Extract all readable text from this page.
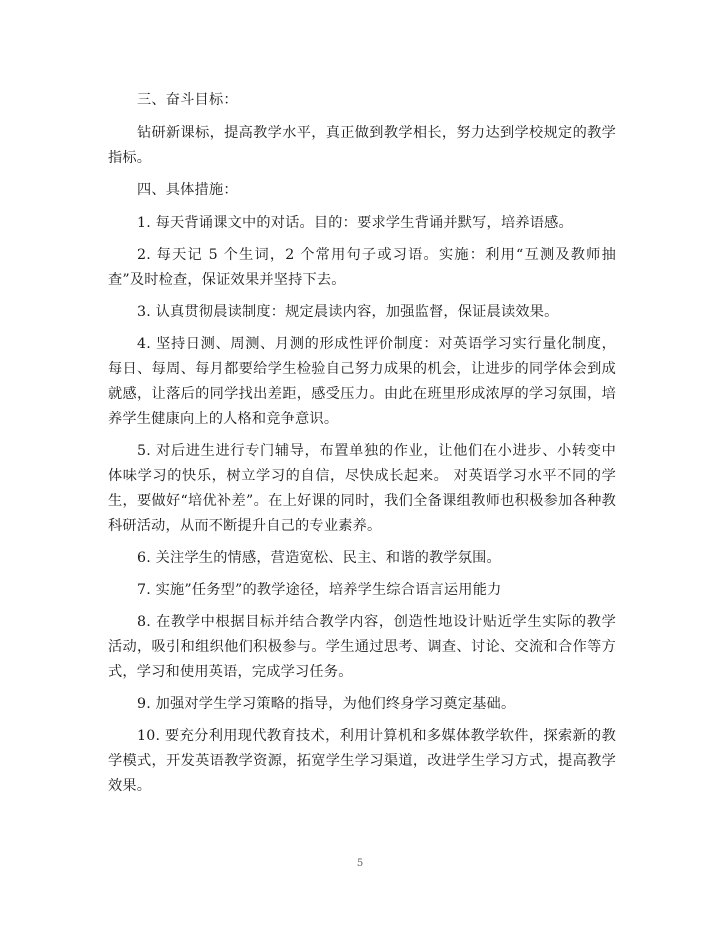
三、奋斗目标：

钻研新课标，提高教学水平，真正做到教学相长，努力达到学校规定的教学指标。

四、具体措施：

1. 每天背诵课文中的对话。目的：要求学生背诵并默写，培养语感。

2. 每天记 5 个生词，2 个常用句子或习语。实施：利用“互测及教师抽查”及时检查，保证效果并坚持下去。

3. 认真贯彻晨读制度：规定晨读内容，加强监督，保证晨读效果。

4. 坚持日测、周测、月测的形成性评价制度：对英语学习实行量化制度，每日、每周、每月都要给学生检验自己努力成果的机会，让进步的同学体会到成就感，让落后的同学找出差距，感受压力。由此在班里形成浓厚的学习氛围，培养学生健康向上的人格和竞争意识。

5. 对后进生进行专门辅导，布置单独的作业，让他们在小进步、小转变中体味学习的快乐，树立学习的自信，尽快成长起来。 对英语学习水平不同的学生，要做好“培优补差”。在上好课的同时，我们全备课组教师也积极参加各种教科研活动，从而不断提升自己的专业素养。

6. 关注学生的情感，营造宽松、民主、和谐的教学氛围。

7. 实施”任务型”的教学途径，培养学生综合语言运用能力

8. 在教学中根据目标并结合教学内容，创造性地设计贴近学生实际的教学活动，吸引和组织他们积极参与。学生通过思考、调查、讨论、交流和合作等方式，学习和使用英语，完成学习任务。

9. 加强对学生学习策略的指导，为他们终身学习奠定基础。

10. 要充分利用现代教育技术，利用计算机和多媒体教学软件，探索新的教学模式，开发英语教学资源，拓宽学生学习渠道，改进学生学习方式，提高教学效果。

5
